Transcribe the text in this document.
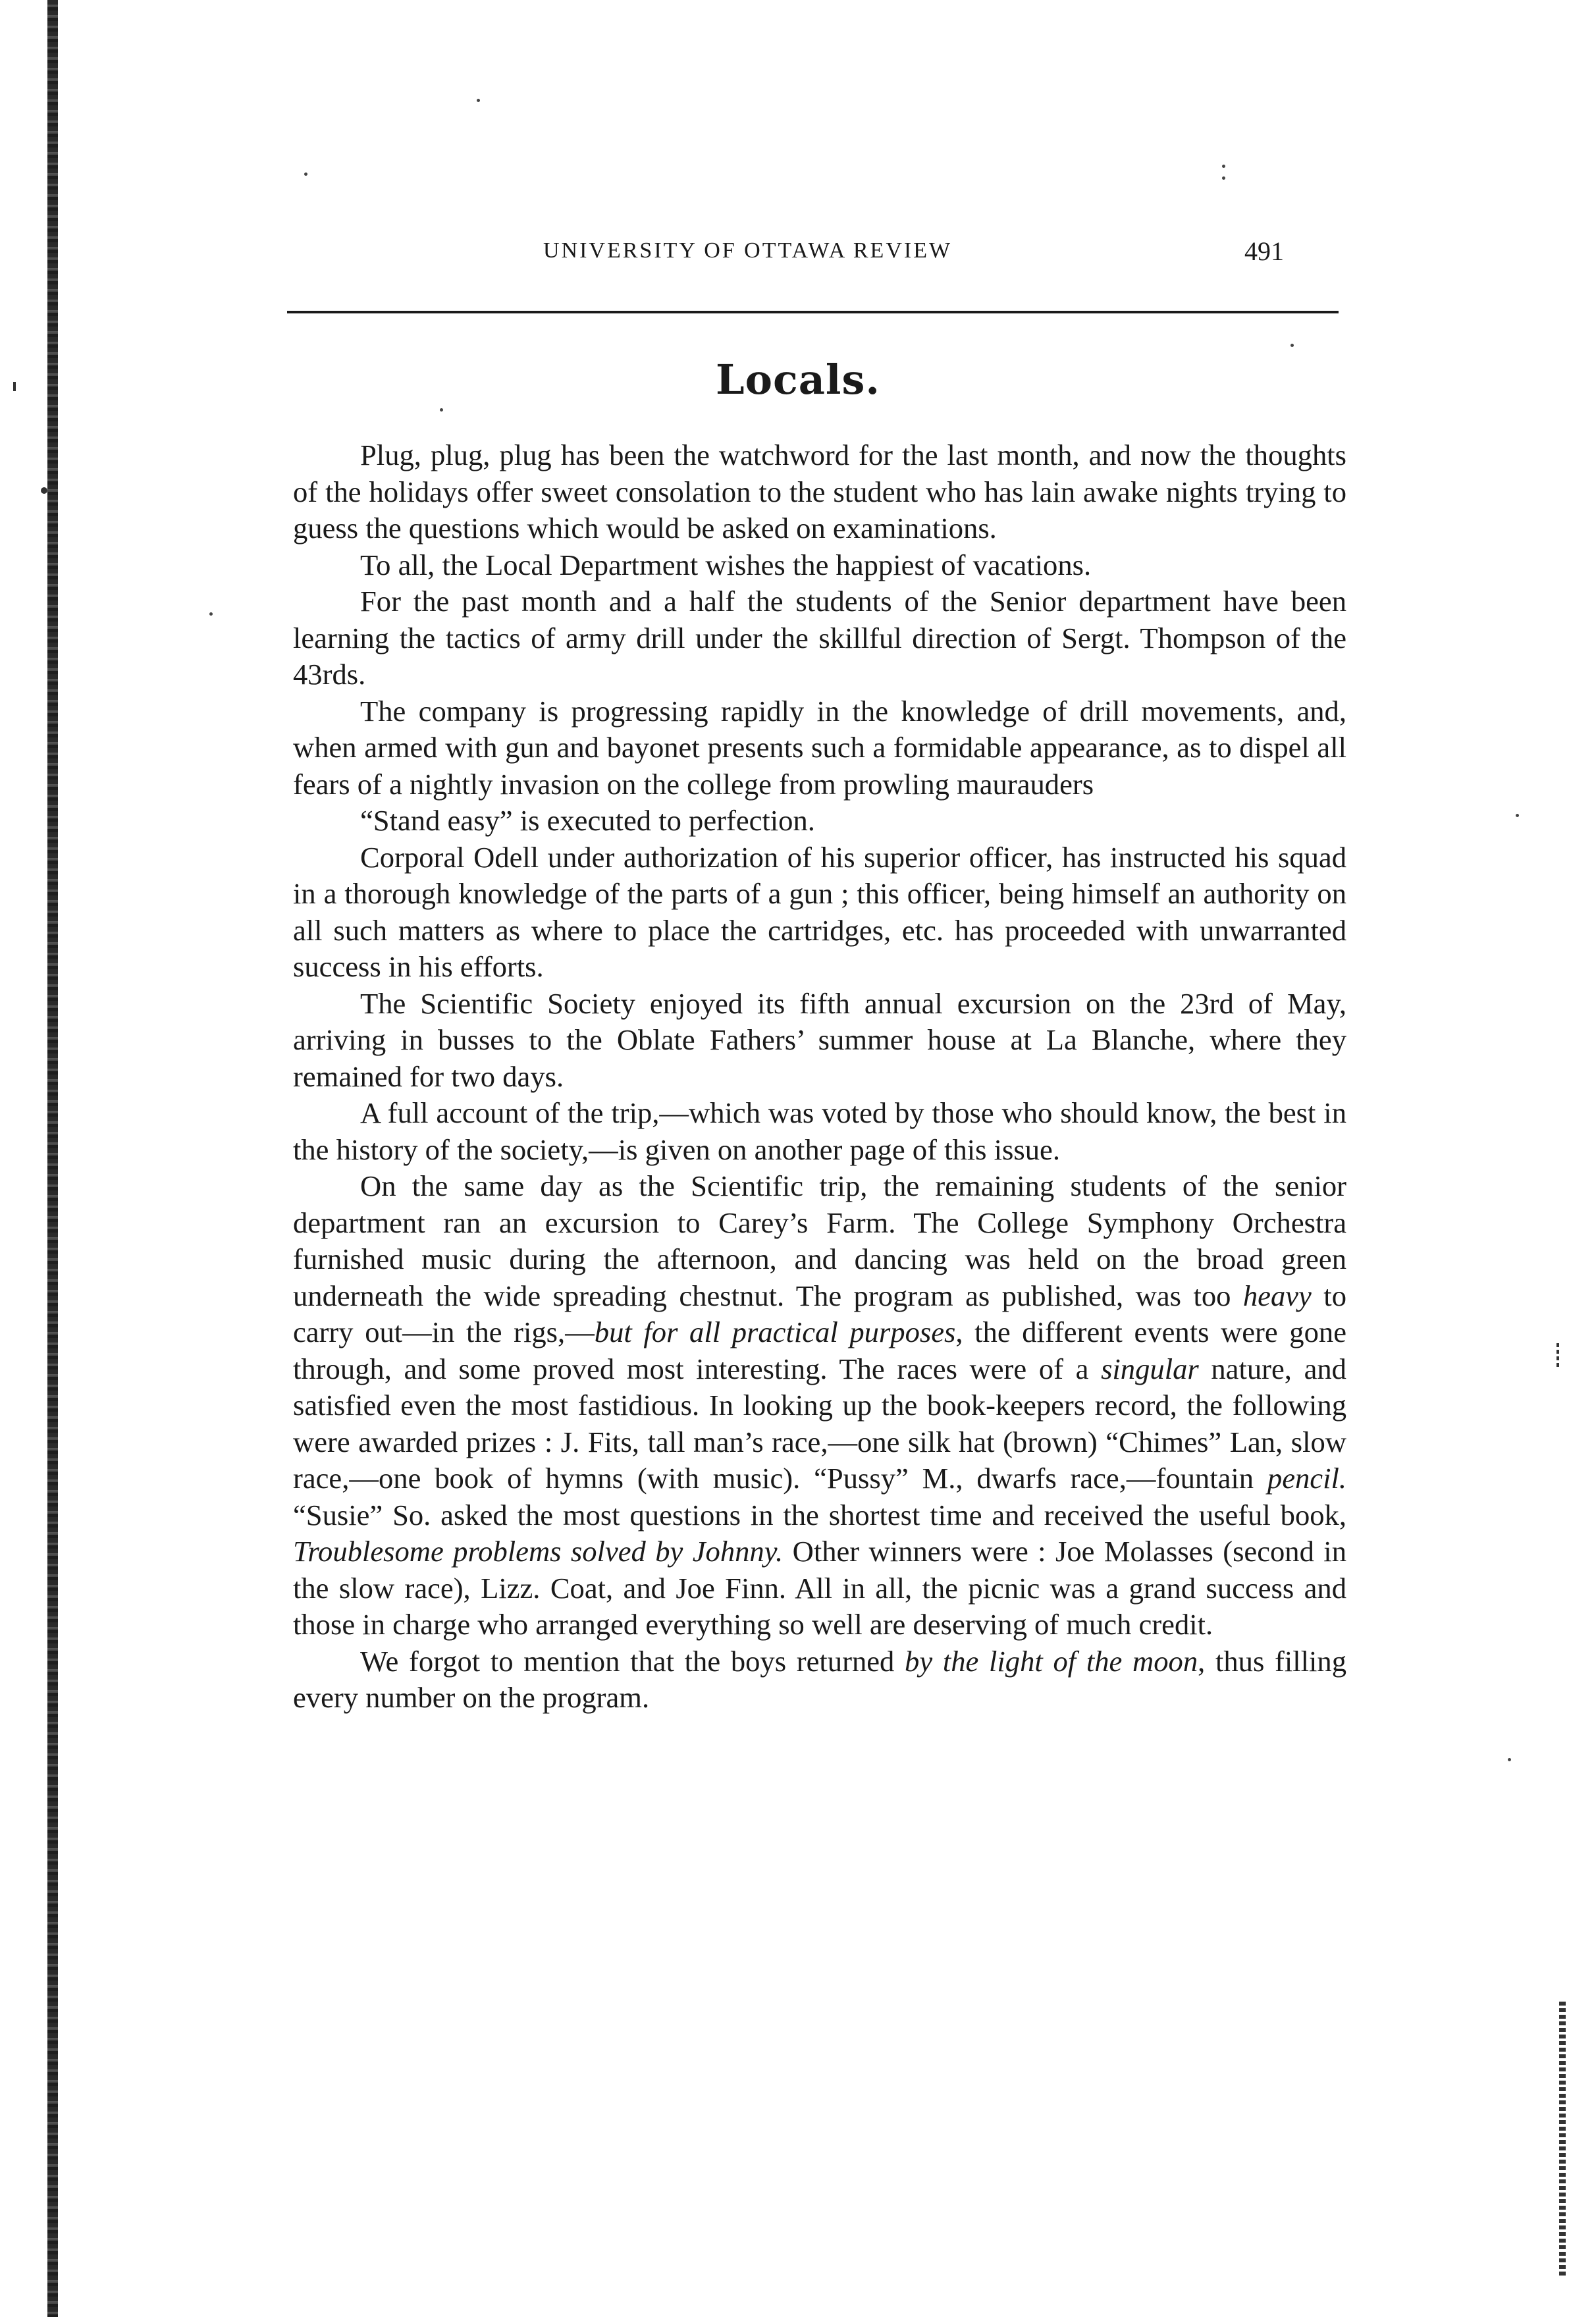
UNIVERSITY OF OTTAWA REVIEW	491
Locals.

Plug, plug, plug has been the watchword for the last month, and now the thoughts of the holidays offer sweet consolation to the student who has lain awake nights trying to guess the questions which would be asked on examinations.

To all, the Local Department wishes the happiest of vacations.

For the past month and a half the students of the Senior department have been learning the tactics of army drill under the skillful direction of Sergt. Thompson of the 43rds.

The company is progressing rapidly in the knowledge of drill movements, and, when armed with gun and bayonet presents such a formidable appearance, as to dispel all fears of a nightly invasion on the college from prowling maurauders

“Stand easy” is executed to perfection.

Corporal Odell under authorization of his superior officer, has instructed his squad in a thorough knowledge of the parts of a gun ; this officer, being himself an authority on all such matters as where to place the cartridges, etc. has proceeded with unwarranted success in his efforts.

The Scientific Society enjoyed its fifth annual excursion on the 23rd of May, arriving in busses to the Oblate Fathers’ summer house at La Blanche, where they remained for two days.

A full account of the trip,—which was voted by those who should know, the best in the history of the society,—is given on another page of this issue.

On the same day as the Scientific trip, the remaining students of the senior department ran an excursion to Carey’s Farm. The College Symphony Orchestra furnished music during the afternoon, and dancing was held on the broad green underneath the wide spreading chestnut. The program as published, was too heavy to carry out—in the rigs,—but for all practical purposes, the different events were gone through, and some proved most interesting. The races were of a singular nature, and satisfied even the most fastidious. In looking up the book-keepers record, the following were awarded prizes : J. Fits, tall man’s race,—one silk hat (brown) “Chimes” Lan, slow race,—one book of hymns (with music). “Pussy” M., dwarfs race,—fountain pencil. “Susie” So. asked the most questions in the shortest time and received the useful book, Troublesome problems solved by Johnny. Other winners were : Joe Molasses (second in the slow race), Lizz. Coat, and Joe Finn. All in all, the picnic was a grand success and those in charge who arranged everything so well are deserving of much credit.

We forgot to mention that the boys returned by the light of the moon, thus filling every number on the program.
